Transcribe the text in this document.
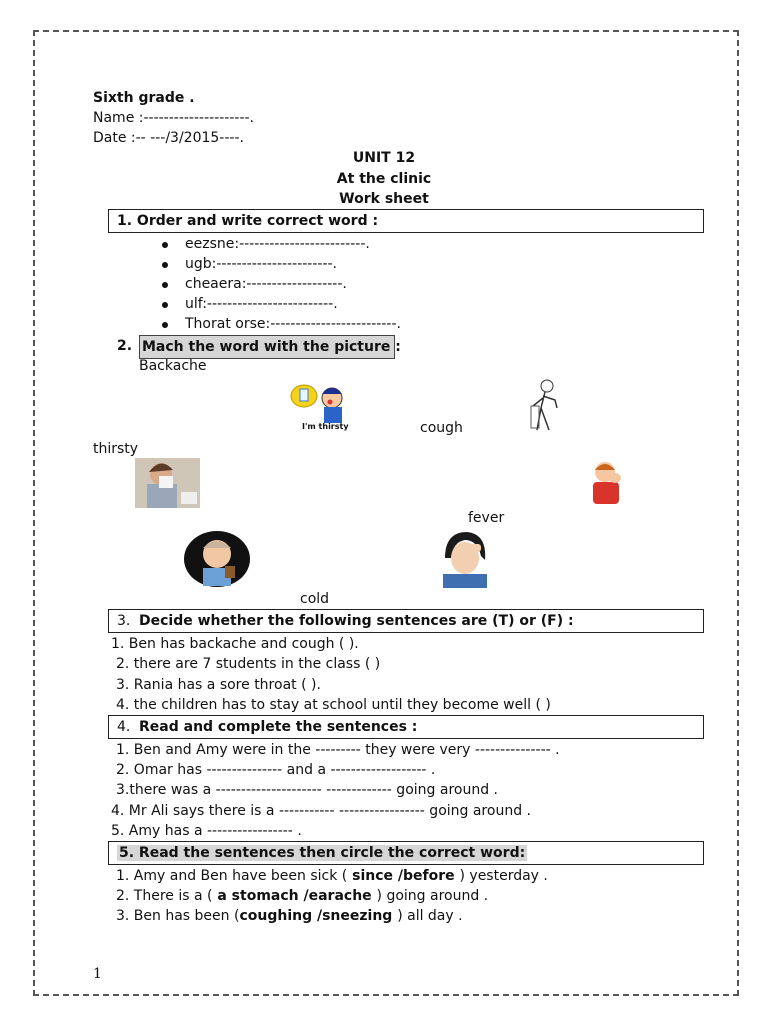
Sixth grade .
Name :---------------------.
Date :-- ---/3/2015----.
UNIT 12
At the clinic
Work sheet
1. Order and write correct word :
eezsne:-------------------------.
ugb:-----------------------.
cheaera:-------------------.
ulf:-------------------------.
Thorat orse:-------------------------.
2. Mach the word with the picture :
Backache
cough
thirsty
fever
cold
I'm thirsty
3. Decide whether the following sentences are (T) or (F) :
1. Ben has backache and cough ( ).
2. there are 7 students in the class ( )
3. Rania has a sore throat ( ).
4. the children has to stay at school until they become well ( )
4. Read and complete the sentences :
1. Ben and Amy were in the --------- they were very --------------- .
2. Omar has --------------- and a ------------------- .
3.there was a --------------------- ------------- going around .
4. Mr Ali says there is a ----------- ----------------- going around .
5. Amy has a ----------------- .
5. Read the sentences then circle the correct word:
1. Amy and Ben have been sick ( since /before ) yesterday .
2. There is a ( a stomach /earache ) going around .
3. Ben has been (coughing /sneezing ) all day .
1
